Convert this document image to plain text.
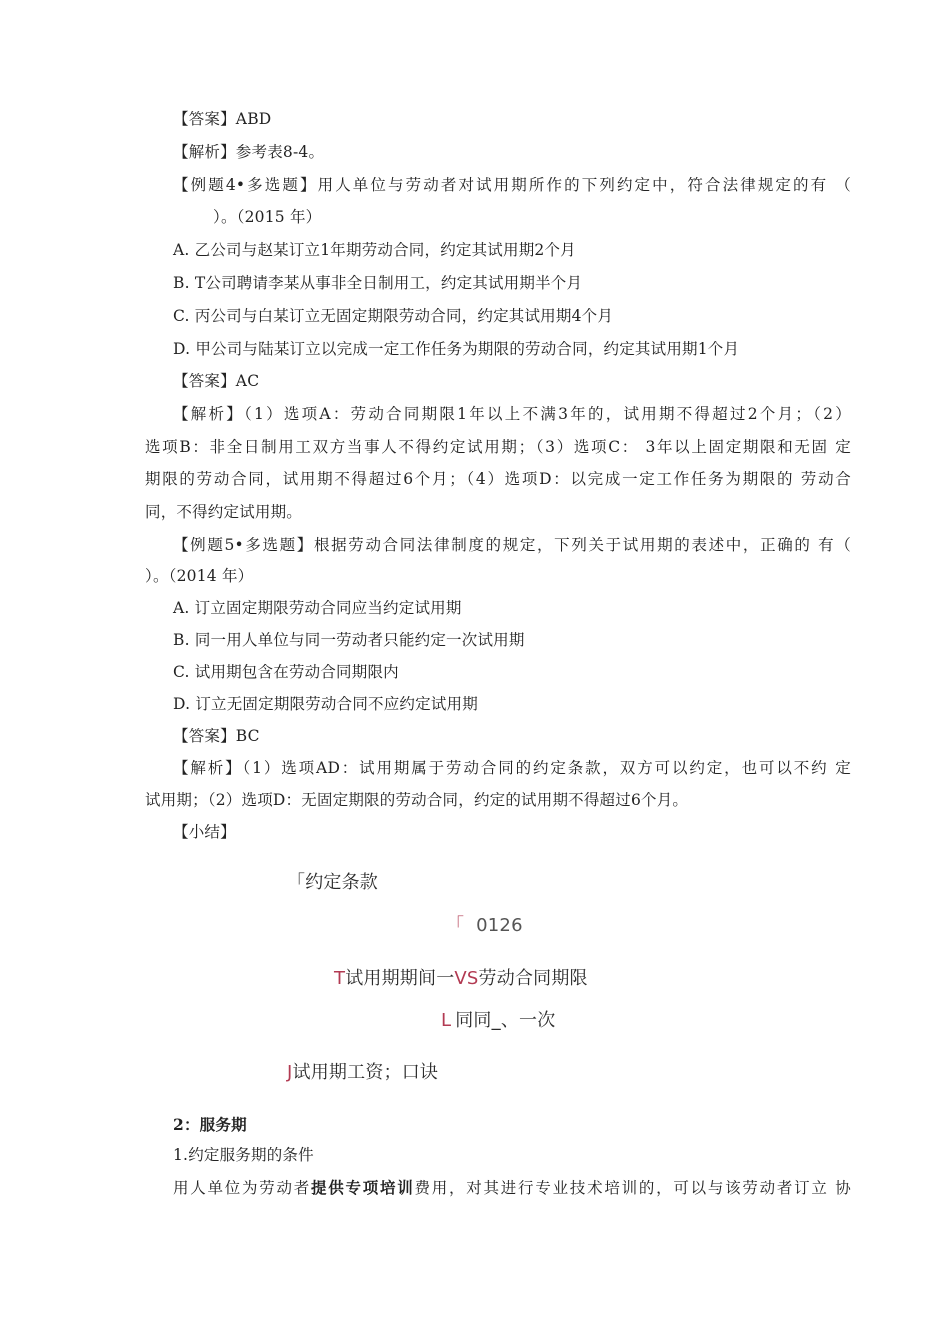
【答案】ABD
【解析】参考表8-4。
【例题4•多选题】用人单位与劳动者对试用期所作的下列约定中，符合法律规定的有 （
）。（2015 年）
A. 乙公司与赵某订立1年期劳动合同，约定其试用期2个月
B. T公司聘请李某从事非全日制用工，约定其试用期半个月
C. 丙公司与白某订立无固定期限劳动合同，约定其试用期4个月
D. 甲公司与陆某订立以完成一定工作任务为期限的劳动合同，约定其试用期1个月
【答案】AC
【解析】（1）选项A：劳动合同期限1年以上不满3年的，试用期不得超过2个月；（2）
选项B：非全日制用工双方当事人不得约定试用期；（3）选项C： 3年以上固定期限和无固 定
期限的劳动合同，试用期不得超过6个月；（4）选项D：以完成一定工作任务为期限的 劳动合
同，不得约定试用期。
【例题5•多选题】根据劳动合同法律制度的规定，下列关于试用期的表述中，正确的 有（
）。（2014 年）
A. 订立固定期限劳动合同应当约定试用期
B. 同一用人单位与同一劳动者只能约定一次试用期
C. 试用期包含在劳动合同期限内
D. 订立无固定期限劳动合同不应约定试用期
【答案】BC
【解析】（1）选项AD：试用期属于劳动合同的约定条款，双方可以约定，也可以不约 定
试用期；（2）选项D：无固定期限的劳动合同，约定的试用期不得超过6个月。
【小结】
「约定条款
「 0126
T试用期期间一VS劳动合同期限
L 同同_、一次
J试用期工资；口诀
2：服务期
1.约定服务期的条件
用人单位为劳动者提供专项培训费用，对其进行专业技术培训的，可以与该劳动者订立 协
